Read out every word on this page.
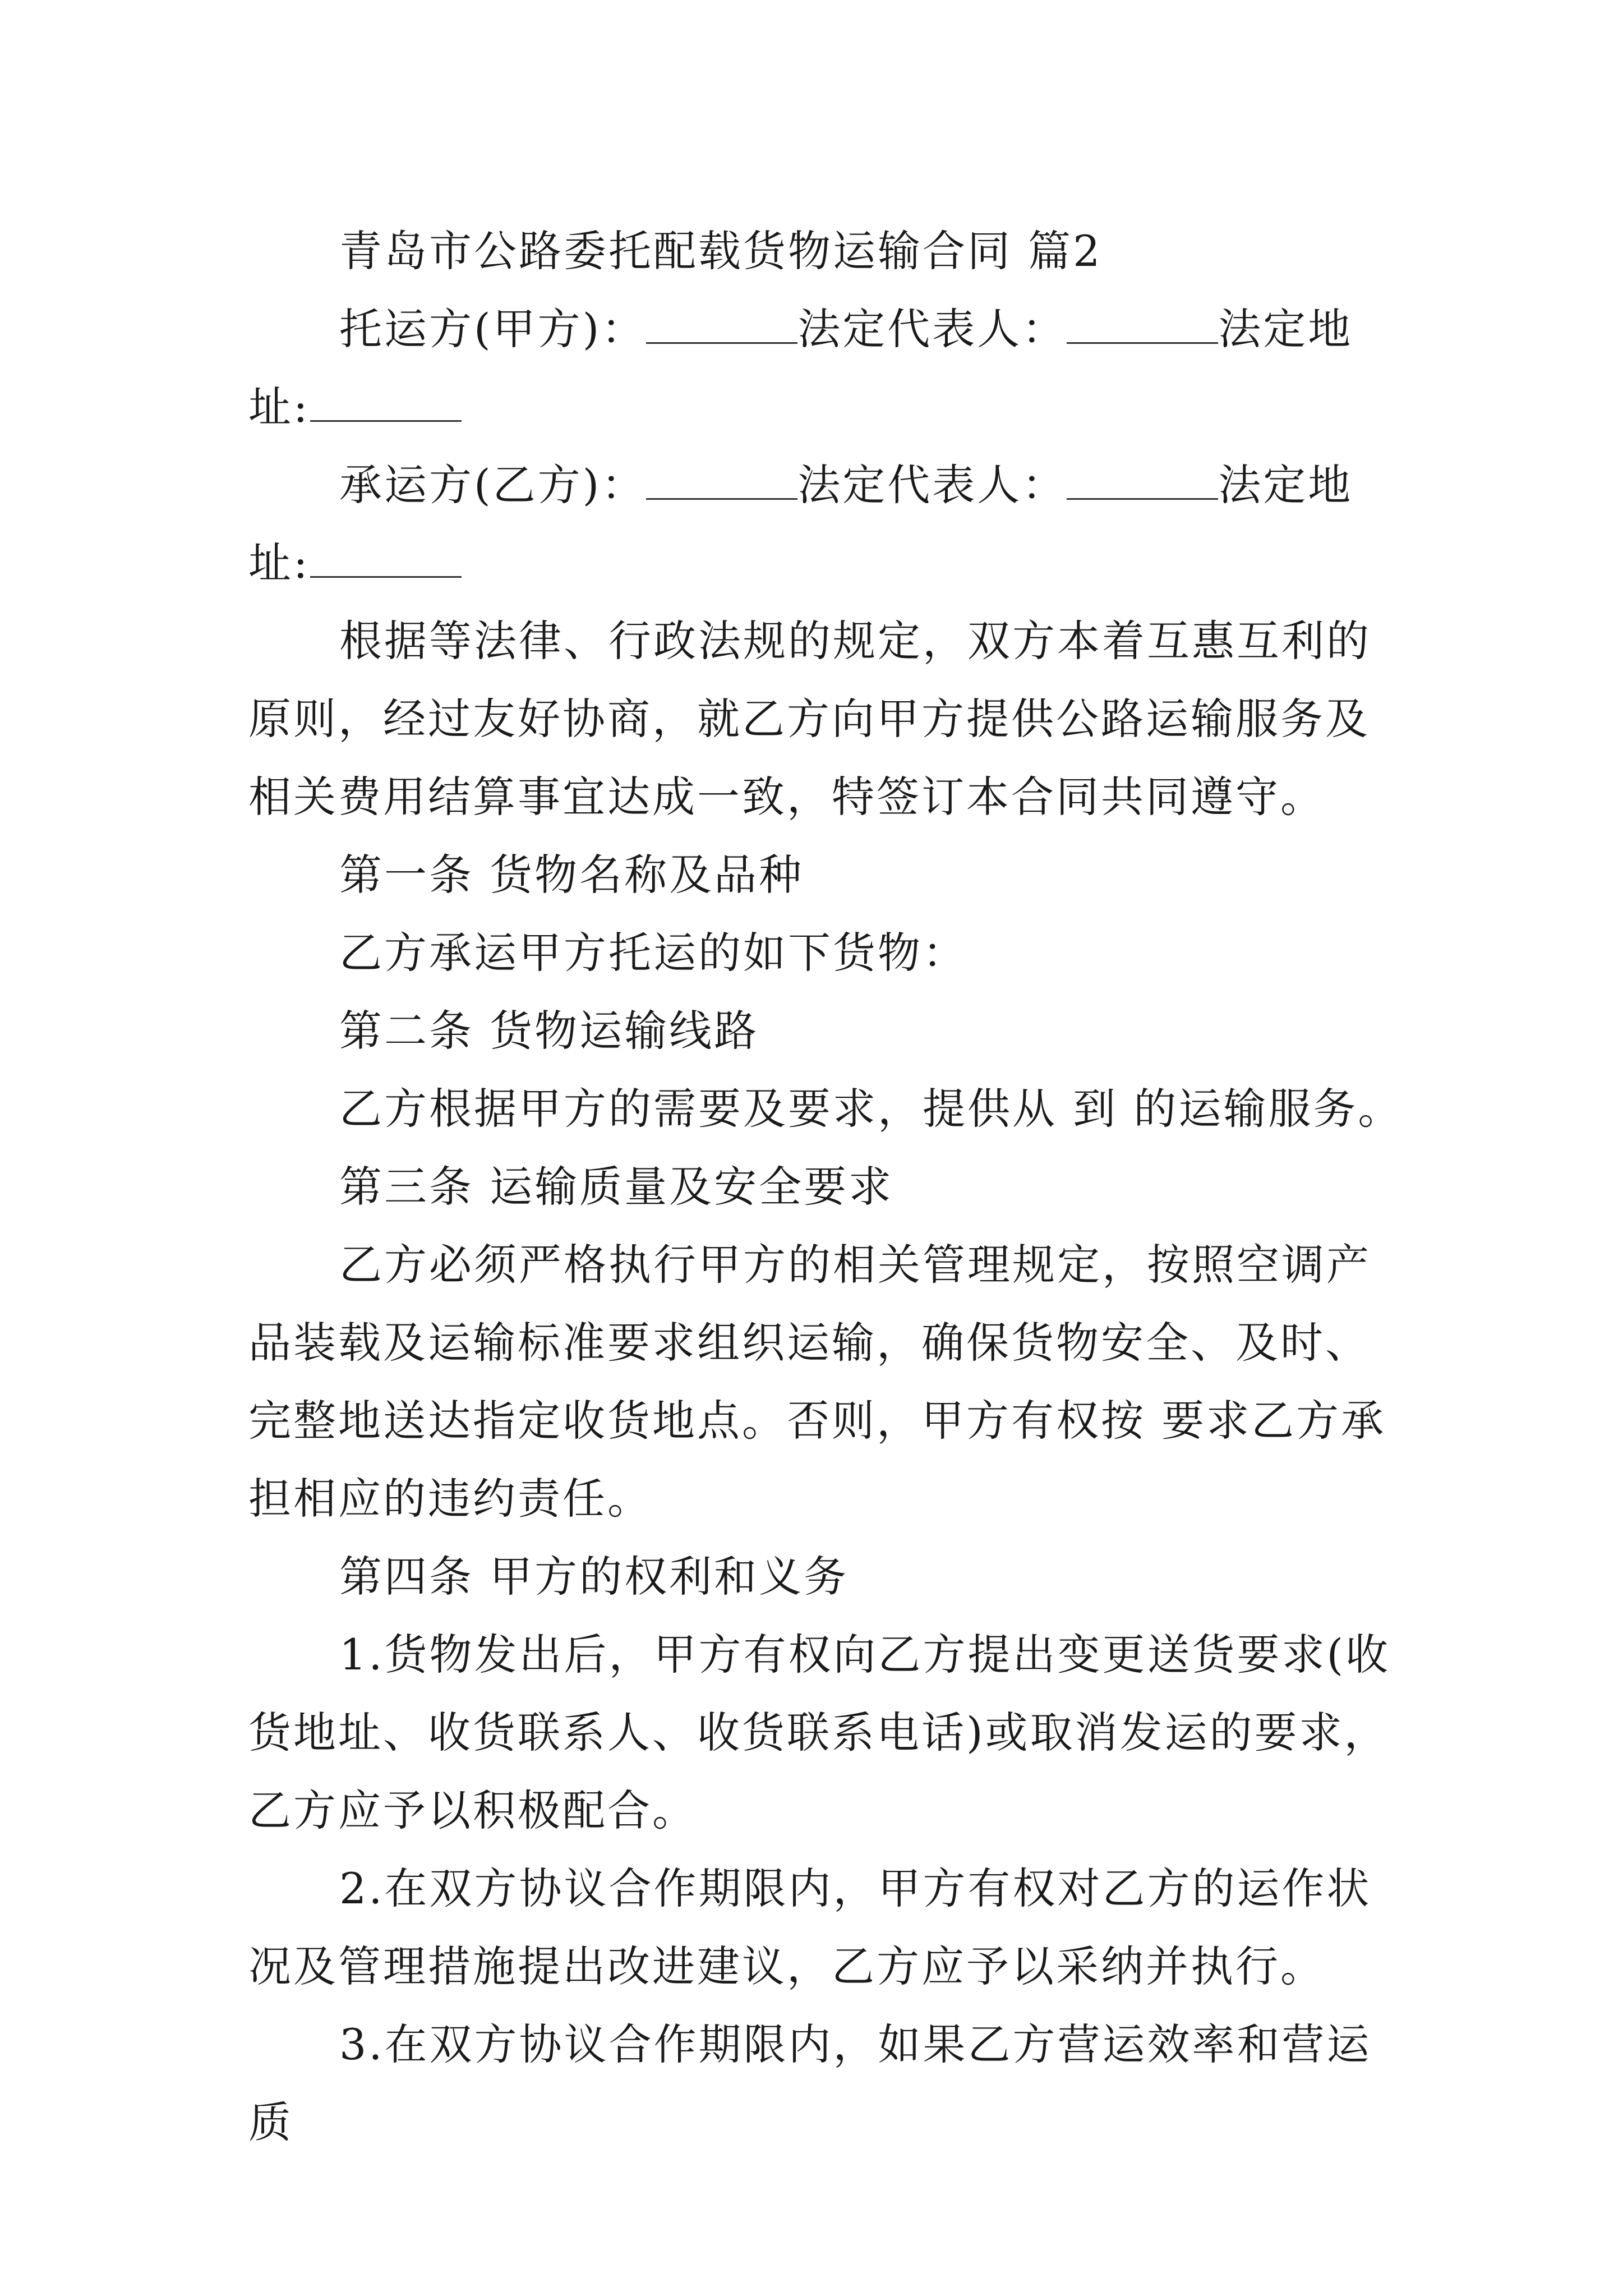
青岛市公路委托配载货物运输合同 篇2

托运方(甲方)：	法定代表人：	法定地

址:

承运方(乙方)：	法定代表人：	法定地

址:

根据等法律、行政法规的规定，双方本着互惠互利的原则，经过友好协商，就乙方向甲方提供公路运输服务及相关费用结算事宜达成一致，特签订本合同共同遵守。

第一条 货物名称及品种

乙方承运甲方托运的如下货物：

第二条 货物运输线路

乙方根据甲方的需要及要求，提供从 到 的运输服务。

第三条 运输质量及安全要求

乙方必须严格执行甲方的相关管理规定，按照空调产品装载及运输标准要求组织运输，确保货物安全、及时、完整地送达指定收货地点。否则，甲方有权按 要求乙方承担相应的违约责任。

第四条 甲方的权利和义务

1.货物发出后，甲方有权向乙方提出变更送货要求(收货地址、收货联系人、收货联系电话)或取消发运的要求，乙方应予以积极配合。

2.在双方协议合作期限内，甲方有权对乙方的运作状况及管理措施提出改进建议，乙方应予以采纳并执行。

3.在双方协议合作期限内，如果乙方营运效率和营运质
